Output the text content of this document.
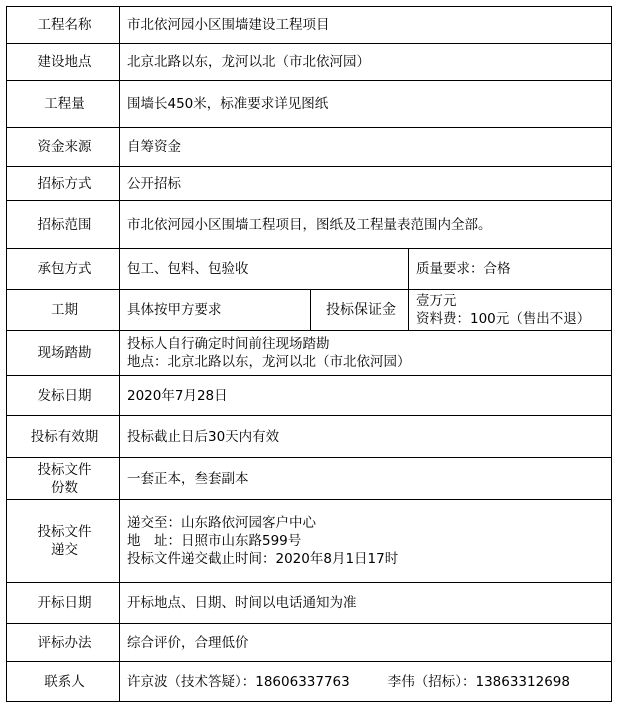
工程名称	市北依河园小区围墙建设工程项目		
建设地点	北京北路以东，龙河以北（市北依河园）		
工程量	围墙长450米，标准要求详见图纸		
资金来源	自筹资金		
招标方式	公开招标		
招标范围	市北依河园小区围墙工程项目，图纸及工程量表范围内全部。		
承包方式	包工、包料、包验收		质量要求：合格
工期	具体按甲方要求	投标保证金	壹万元
资料费：100元（售出不退）

现场踏勘	投标人自行确定时间前往现场踏勘
地点：北京北路以东，龙河以北（市北依河园）		

发标日期	2020年7月28日		
投标有效期	投标截止日后30天内有效		

投标文件
份数	一套正本，叁套副本		

投标文件
递交	递交至：山东路依河园客户中心
地　址：日照市山东路599号
投标文件递交截止时间：2020年8月1日17时		

开标日期	开标地点、日期、时间以电话通知为准		
评标办法	综合评价，合理低价		
联系人	许京波（技术答疑）：18606337763 李伟（招标）：13863312698		
